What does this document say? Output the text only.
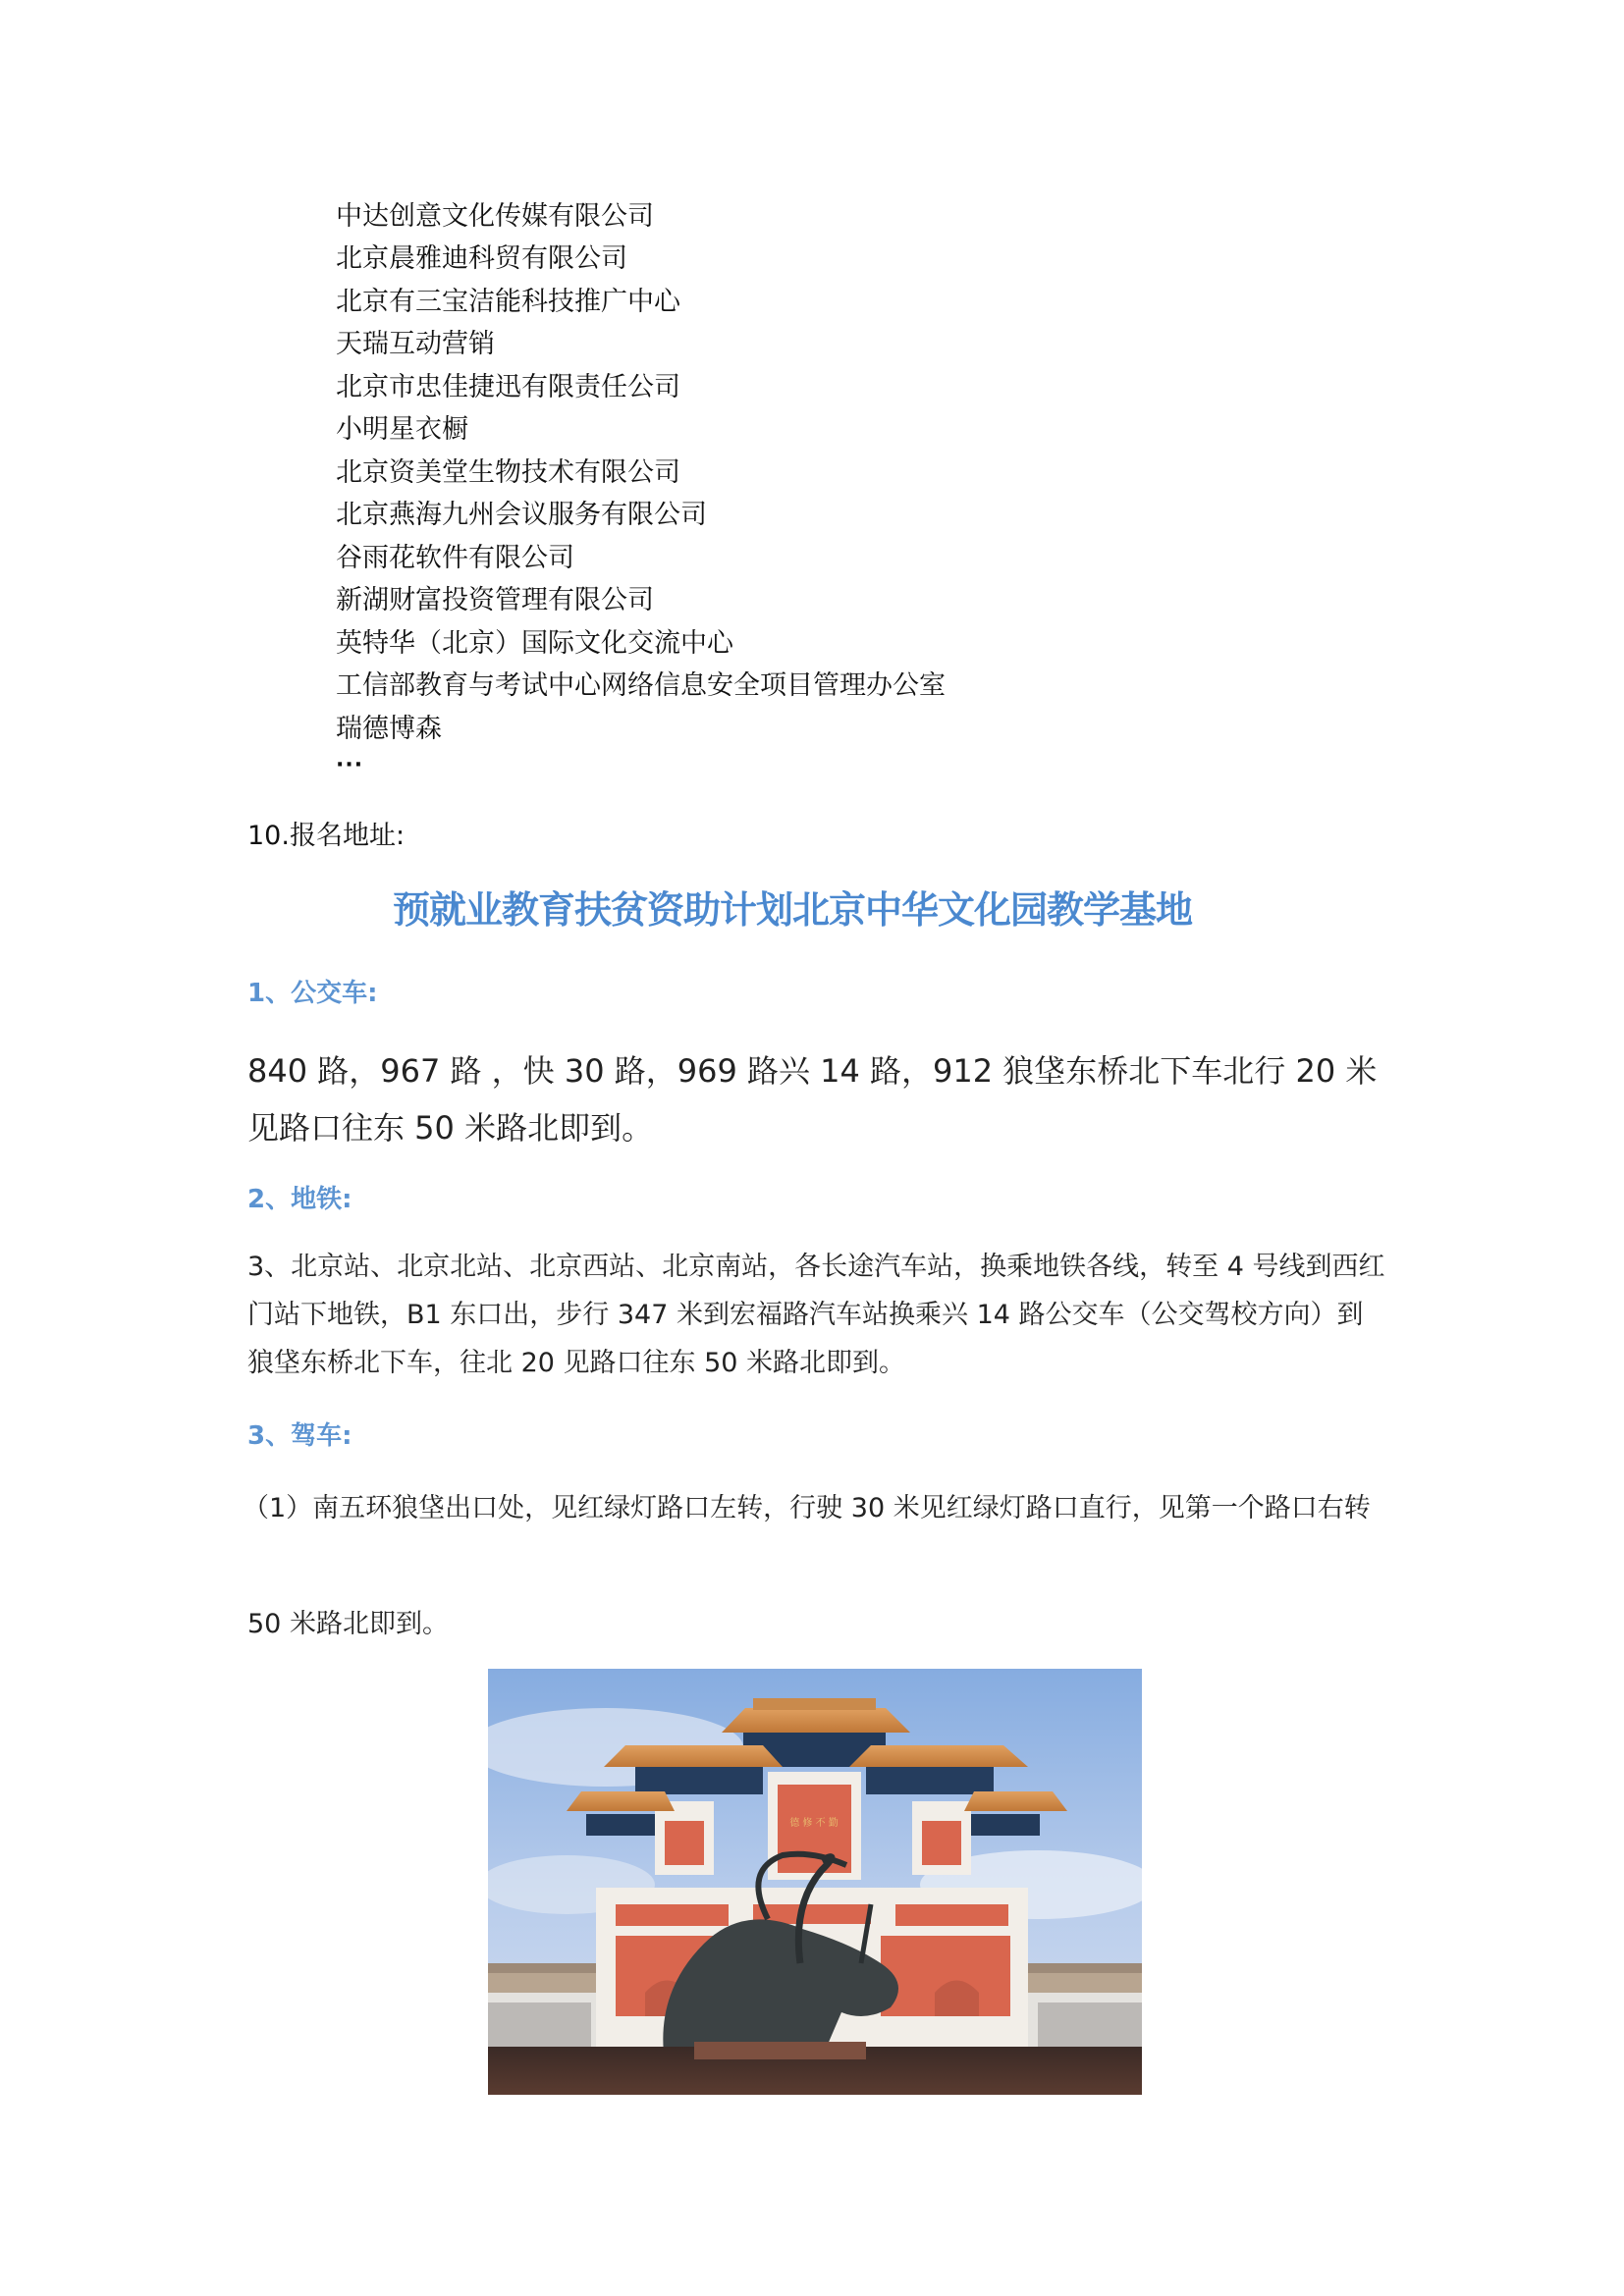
中达创意文化传媒有限公司
北京晨雅迪科贸有限公司
北京有三宝洁能科技推广中心
天瑞互动营销
北京市忠佳捷迅有限责任公司
小明星衣橱
北京资美堂生物技术有限公司
北京燕海九州会议服务有限公司
谷雨花软件有限公司
新湖财富投资管理有限公司
英特华（北京）国际文化交流中心
工信部教育与考试中心网络信息安全项目管理办公室
瑞德博森
···
10.报名地址:
预就业教育扶贫资助计划北京中华文化园教学基地
1、公交车:
840 路，967 路 ，快 30 路，969 路兴 14 路，912 狼垡东桥北下车北行 20 米见路口往东 50 米路北即到。
2、地铁:
3、北京站、北京北站、北京西站、北京南站，各长途汽车站，换乘地铁各线，转至 4 号线到西红门站下地铁，B1 东口出，步行 347 米到宏福路汽车站换乘兴 14 路公交车（公交驾校方向）到狼垡东桥北下车，往北 20 见路口往东 50 米路北即到。
3、驾车:
（1）南五环狼垡出口处，见红绿灯路口左转，行驶 30 米见红绿灯路口直行，见第一个路口右转
50 米路北即到。
德 修 不 勤
